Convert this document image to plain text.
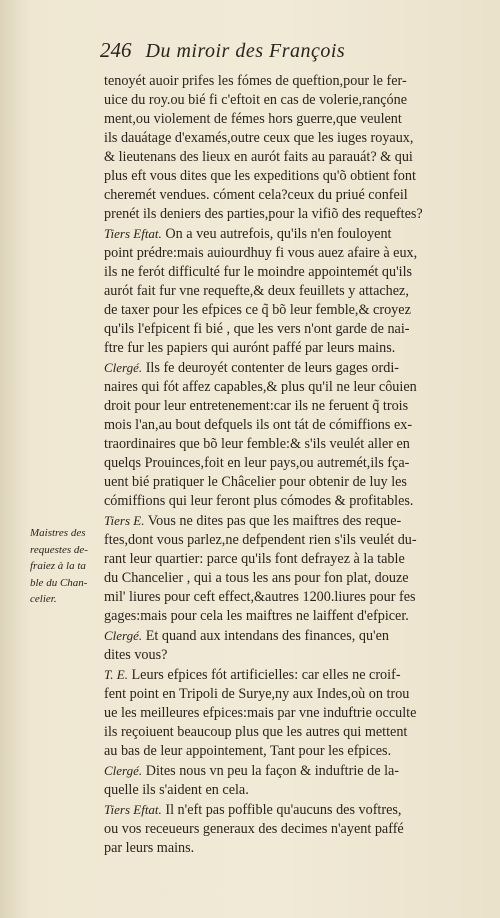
246 Du miroir des François
Maistres des
requestes de-
fraiez à la ta
ble du Chan-
celier.
tenoyét auoir prifes les fómes de queftion,pour le fer-
uice du roy.ou bié fi c'eftoit en cas de volerie,rançóne
ment,ou violement de fémes hors guerre,que veulent
ils dauátage d'examés,outre ceux que les iuges royaux,
& lieutenans des lieux en aurót faits au parauát? & qui
plus eft vous dites que les expeditions qu'õ obtient font
cheremét vendues. cóment cela?ceux du priué confeil
prenét ils deniers des parties,pour la vifiõ des requeftes?
Tiers Eftat. On a veu autrefois, qu'ils n'en fouloyent
point prédre:mais auiourdhuy fi vous auez afaire à eux,
ils ne ferót difficulté fur le moindre appointemét qu'ils
aurót fait fur vne requefte,& deux feuillets y attachez,
de taxer pour les efpices ce q̃ bõ leur femble,& croyez
qu'ils l'efpicent fi bié , que les vers n'ont garde de nai-
ftre fur les papiers qui aurónt paffé par leurs mains.
Clergé. Ils fe deuroyét contenter de leurs gages ordi-
naires qui fót affez capables,& plus qu'il ne leur côuien
droit pour leur entretenement:car ils ne feruent q̃ trois
mois l'an,au bout defquels ils ont tát de cómiffions ex-
traordinaires que bõ leur femble:& s'ils veulét aller en
quelqs Prouinces,foit en leur pays,ou autremét,ils fça-
uent bié pratiquer le Châcelier pour obtenir de luy les
cómiffions qui leur feront plus cómodes & profitables.
Tiers E. Vous ne dites pas que les maiftres des reque-
ftes,dont vous parlez,ne defpendent rien s'ils veulét du-
rant leur quartier: parce qu'ils font defrayez à la table
du Chancelier , qui a tous les ans pour fon plat, douze
mil' liures pour ceft effect,&autres 1200.liures pour fes
gages:mais pour cela les maiftres ne laiffent d'efpicer.
Clergé. Et quand aux intendans des finances, qu'en
dites vous?
T. E. Leurs efpices fót artificielles: car elles ne croif-
fent point en Tripoli de Surye,ny aux Indes,où on trou
ue les meilleures efpices:mais par vne induftrie occulte
ils reçoiuent beaucoup plus que les autres qui mettent
au bas de leur appointement, Tant pour les efpices.
Clergé. Dites nous vn peu la façon & induftrie de la-
quelle ils s'aident en cela.
Tiers Eftat. Il n'eft pas poffible qu'aucuns des voftres,
ou vos receueurs generaux des decimes n'ayent paffé
par leurs mains.
